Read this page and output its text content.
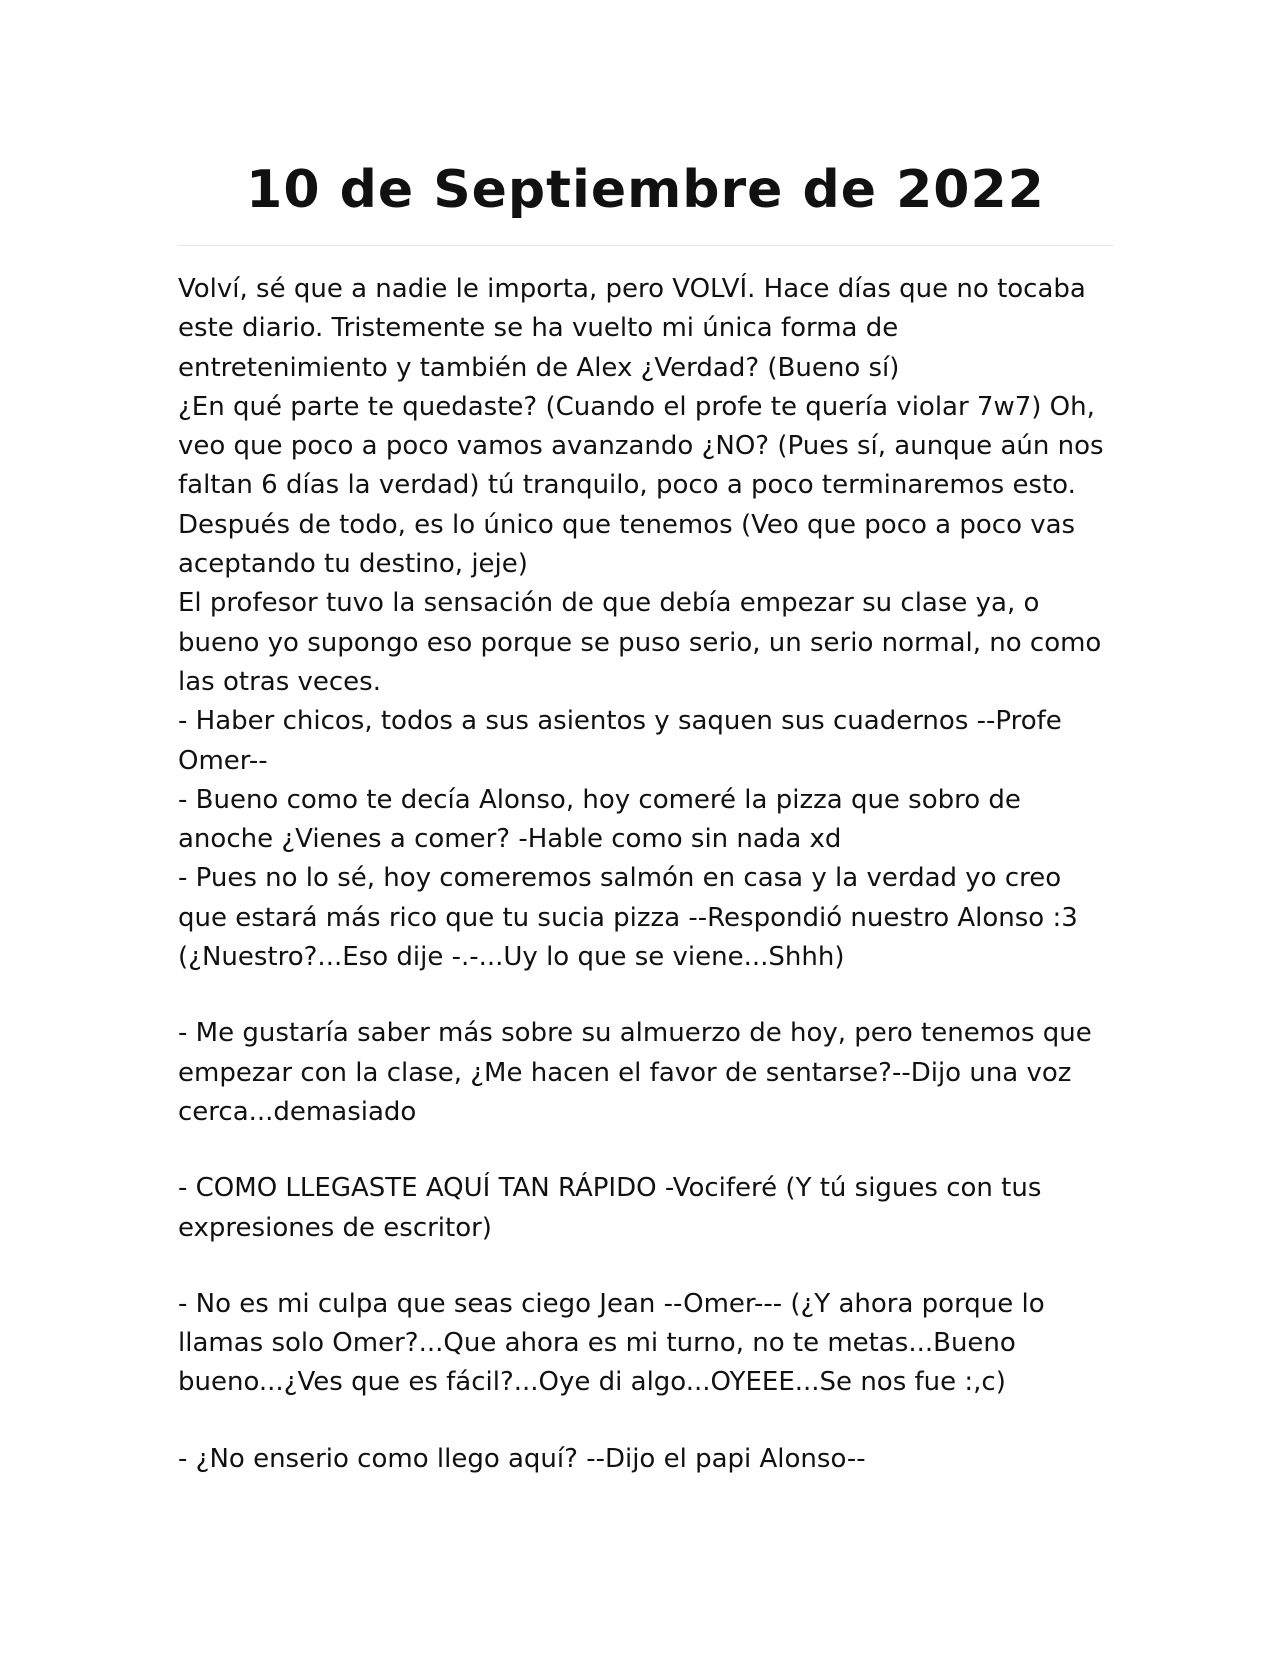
10 de Septiembre de 2022

Volví, sé que a nadie le importa, pero VOLVÍ. Hace días que no tocaba este diario. Tristemente se ha vuelto mi única forma de entretenimiento y también de Alex ¿Verdad? (Bueno sí)

¿En qué parte te quedaste? (Cuando el profe te quería violar 7w7) Oh, veo que poco a poco vamos avanzando ¿NO? (Pues sí, aunque aún nos faltan 6 días la verdad) tú tranquilo, poco a poco terminaremos esto. Después de todo, es lo único que tenemos (Veo que poco a poco vas aceptando tu destino, jeje)

El profesor tuvo la sensación de que debía empezar su clase ya, o bueno yo supongo eso porque se puso serio, un serio normal, no como las otras veces.

- Haber chicos, todos a sus asientos y saquen sus cuadernos --Profe Omer--

- Bueno como te decía Alonso, hoy comeré la pizza que sobro de anoche ¿Vienes a comer? -Hable como sin nada xd

- Pues no lo sé, hoy comeremos salmón en casa y la verdad yo creo que estará más rico que tu sucia pizza --Respondió nuestro Alonso :3 (¿Nuestro?...Eso dije -.-...Uy lo que se viene...Shhh)

- Me gustaría saber más sobre su almuerzo de hoy, pero tenemos que empezar con la clase, ¿Me hacen el favor de sentarse?--Dijo una voz cerca...demasiado

- COMO LLEGASTE AQUÍ TAN RÁPIDO -Vociferé (Y tú sigues con tus expresiones de escritor)

- No es mi culpa que seas ciego Jean --Omer--- (¿Y ahora porque lo llamas solo Omer?...Que ahora es mi turno, no te metas...Bueno bueno...¿Ves que es fácil?...Oye di algo...OYEEE...Se nos fue :,c)

- ¿No enserio como llego aquí? --Dijo el papi Alonso--
